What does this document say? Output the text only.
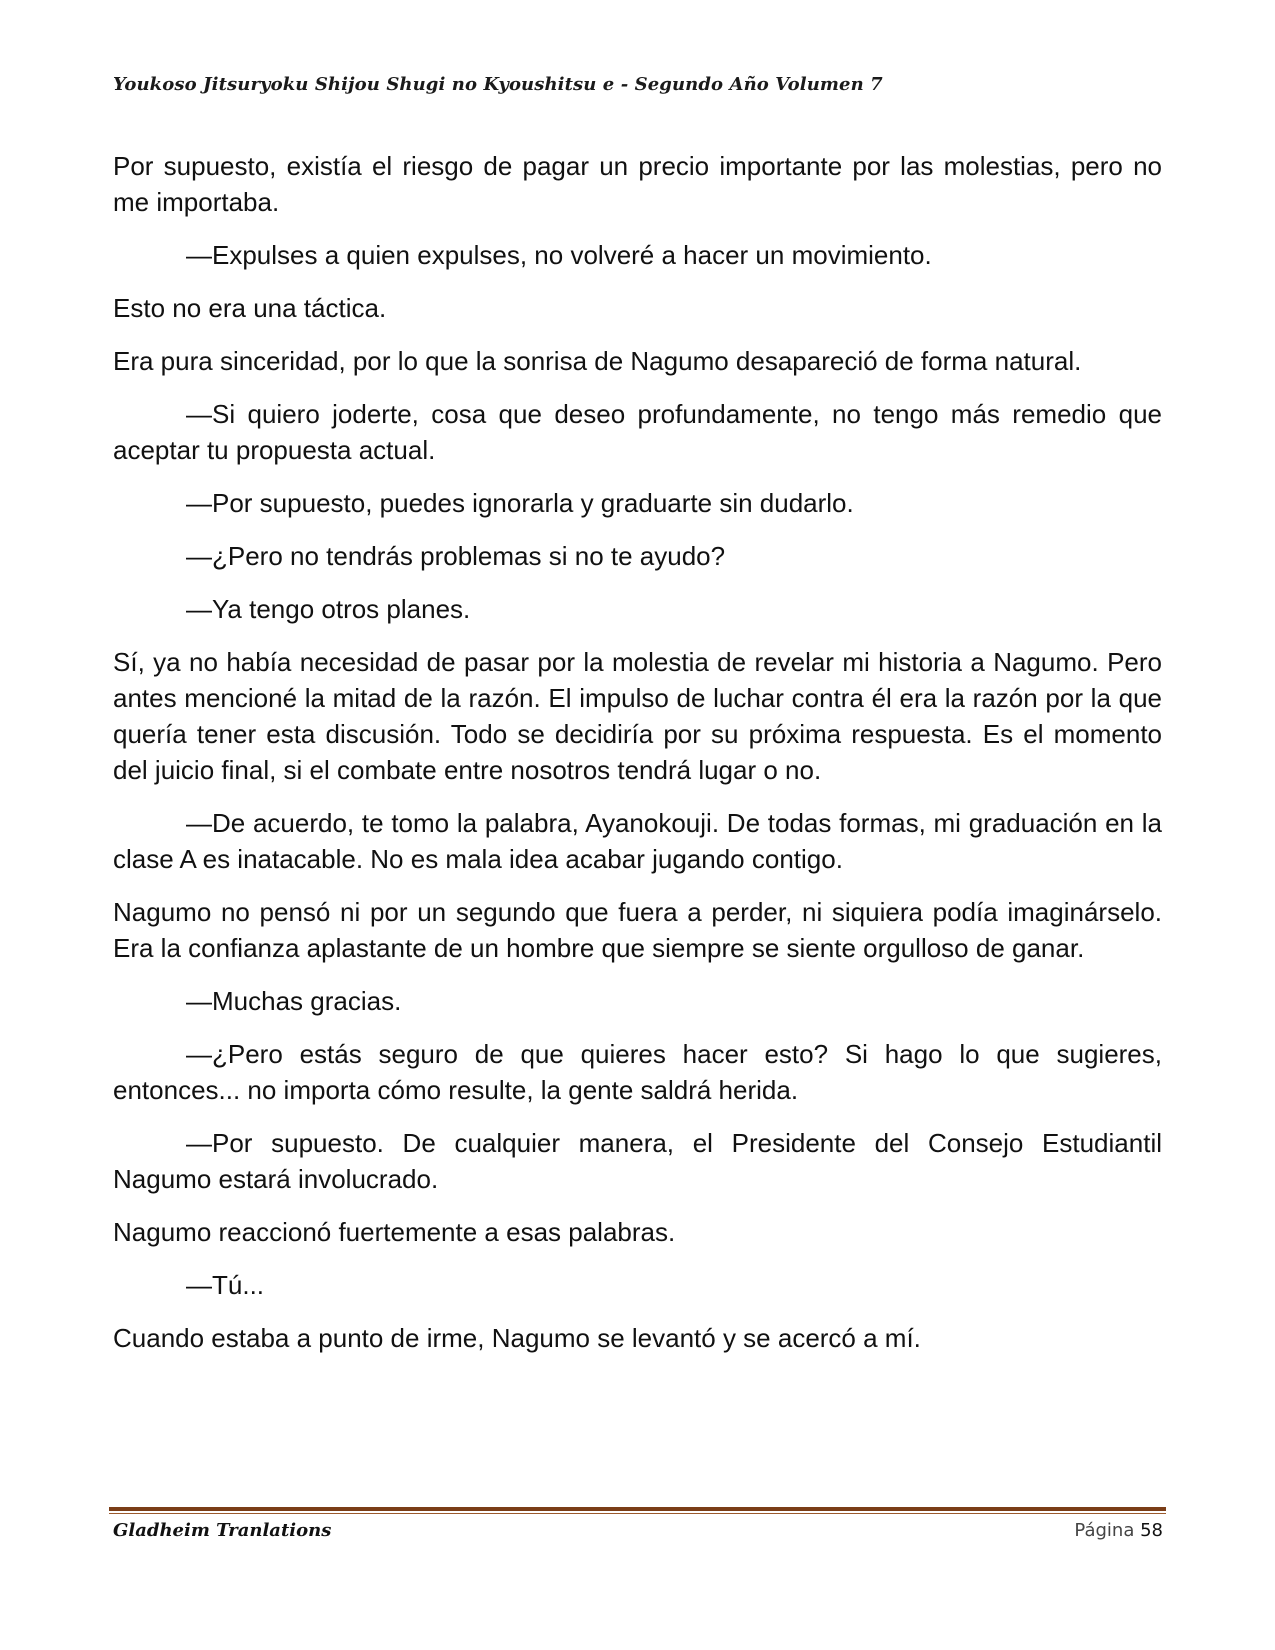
Youkoso Jitsuryoku Shijou Shugi no Kyoushitsu e - Segundo Año Volumen 7

Por supuesto, existía el riesgo de pagar un precio importante por las molestias, pero no me importaba.

—Expulses a quien expulses, no volveré a hacer un movimiento.

Esto no era una táctica.

Era pura sinceridad, por lo que la sonrisa de Nagumo desapareció de forma natural.

—Si quiero joderte, cosa que deseo profundamente, no tengo más remedio que aceptar tu propuesta actual.

—Por supuesto, puedes ignorarla y graduarte sin dudarlo.

—¿Pero no tendrás problemas si no te ayudo?

—Ya tengo otros planes.

Sí, ya no había necesidad de pasar por la molestia de revelar mi historia a Nagumo. Pero antes mencioné la mitad de la razón. El impulso de luchar contra él era la razón por la que quería tener esta discusión. Todo se decidiría por su próxima respuesta. Es el momento del juicio final, si el combate entre nosotros tendrá lugar o no.

—De acuerdo, te tomo la palabra, Ayanokouji. De todas formas, mi graduación en la clase A es inatacable. No es mala idea acabar jugando contigo.

Nagumo no pensó ni por un segundo que fuera a perder, ni siquiera podía imaginárselo. Era la confianza aplastante de un hombre que siempre se siente orgulloso de ganar.

—Muchas gracias.

—¿Pero estás seguro de que quieres hacer esto? Si hago lo que sugieres, entonces... no importa cómo resulte, la gente saldrá herida.

—Por supuesto. De cualquier manera, el Presidente del Consejo Estudiantil Nagumo estará involucrado.

Nagumo reaccionó fuertemente a esas palabras.

—Tú...

Cuando estaba a punto de irme, Nagumo se levantó y se acercó a mí.

Gladheim Tranlations	Página 58
